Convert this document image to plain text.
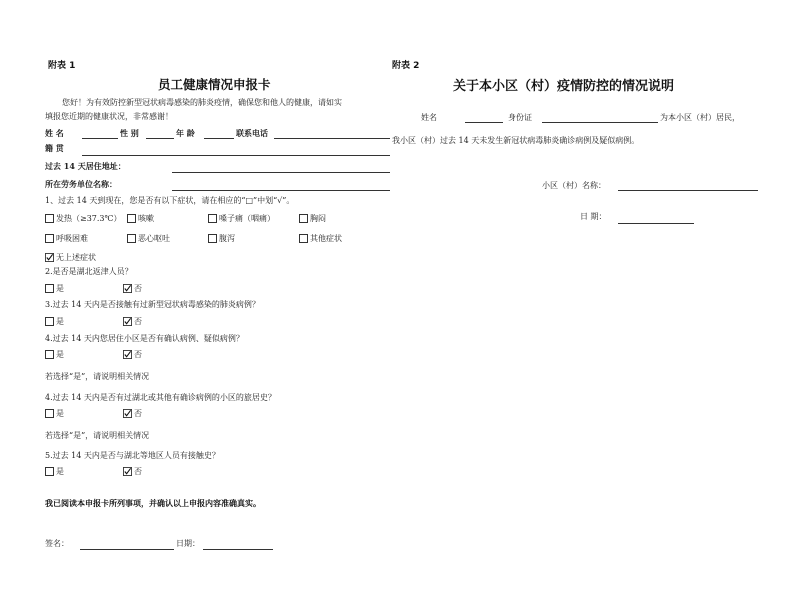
附表 1
员工健康情况申报卡
您好！为有效防控新型冠状病毒感染的肺炎疫情，确保您和他人的健康，请如实
填报您近期的健康状况，非常感谢！
姓 名	性 别	年 龄	联系电话
籍 贯
过去 14 天居住地址：
所在劳务单位名称：
1、过去 14 天到现在，您是否有以下症状，请在相应的“□”中划“√”。
发热（≥37.3℃）	咳嗽	嗓子痛（咽痛）	胸闷
呼吸困难	恶心呕吐	腹泻	其他症状
无上述症状
2.是否是湖北返津人员？
是	否
3.过去 14 天内是否接触有过新型冠状病毒感染的肺炎病例？
是	否
4.过去 14 天内您居住小区是否有确认病例、疑似病例？
是	否
若选择“是”，请说明相关情况
4.过去 14 天内是否有过湖北或其他有确诊病例的小区的旅居史？
是	否
若选择“是”，请说明相关情况
5.过去 14 天内是否与湖北等地区人员有接触史？
是	否
我已阅读本申报卡所列事项，并确认以上申报内容准确真实。
签名：	日期：
附表 2
关于本小区（村）疫情防控的情况说明
姓名	身份证	为本小区（村）居民，
我小区（村）过去 14 天未发生新冠状病毒肺炎确诊病例及疑似病例。
小区（村）名称：
日 期：
